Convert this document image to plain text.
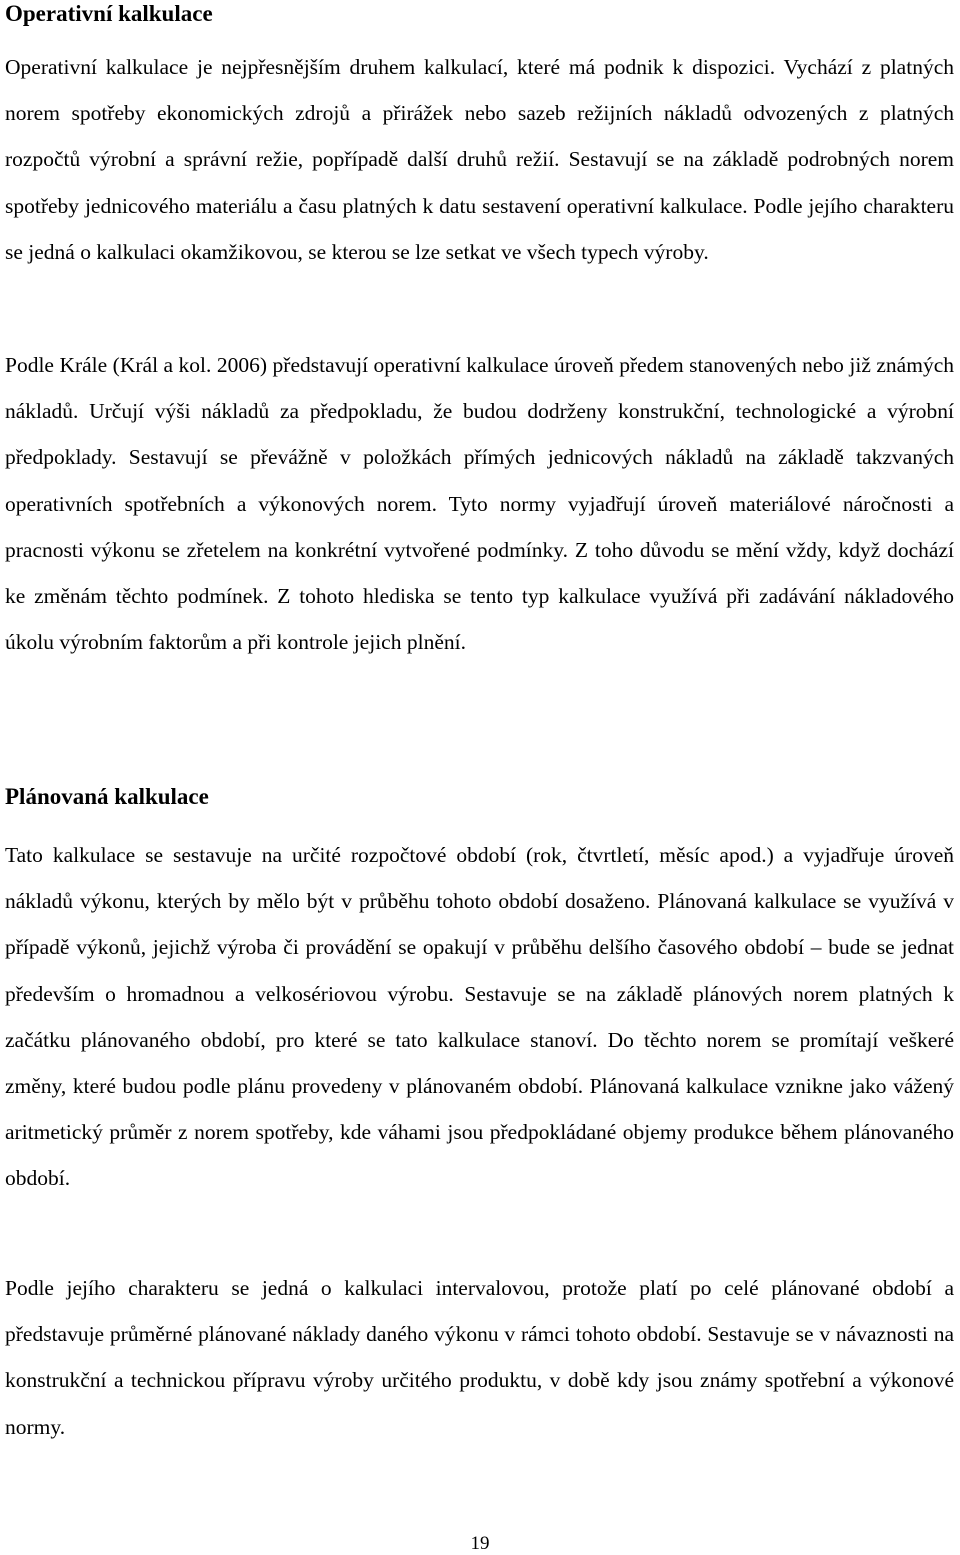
Operativní kalkulace

Operativní kalkulace je nejpřesnějším druhem kalkulací, které má podnik k dispozici. Vychází z platných norem spotřeby ekonomických zdrojů a přirážek nebo sazeb režijních nákladů odvozených z platných rozpočtů výrobní a správní režie, popřípadě další druhů režií. Sestavují se na základě podrobných norem spotřeby jednicového materiálu a času platných k datu sestavení operativní kalkulace. Podle jejího charakteru se jedná o kalkulaci okamžikovou, se kterou se lze setkat ve všech typech výroby.

Podle Krále (Král a kol. 2006) představují operativní kalkulace úroveň předem stanovených nebo již známých nákladů. Určují výši nákladů za předpokladu, že budou dodrženy konstrukční, technologické a výrobní předpoklady. Sestavují se převážně v položkách přímých jednicových nákladů na základě takzvaných operativních spotřebních a výkonových norem. Tyto normy vyjadřují úroveň materiálové náročnosti a pracnosti výkonu se zřetelem na konkrétní vytvořené podmínky. Z toho důvodu se mění vždy, když dochází ke změnám těchto podmínek. Z tohoto hlediska se tento typ kalkulace využívá při zadávání nákladového úkolu výrobním faktorům a při kontrole jejich plnění.

Plánovaná kalkulace

Tato kalkulace se sestavuje na určité rozpočtové období (rok, čtvrtletí, měsíc apod.) a vyjadřuje úroveň nákladů výkonu, kterých by mělo být v průběhu tohoto období dosaženo. Plánovaná kalkulace se využívá v případě výkonů, jejichž výroba či provádění se opakují v průběhu delšího časového období – bude se jednat především o hromadnou a velkosériovou výrobu. Sestavuje se na základě plánových norem platných k začátku plánovaného období, pro které se tato kalkulace stanoví. Do těchto norem se promítají veškeré změny, které budou podle plánu provedeny v plánovaném období. Plánovaná kalkulace vznikne jako vážený aritmetický průměr z norem spotřeby, kde váhami jsou předpokládané objemy produkce během plánovaného období.

Podle jejího charakteru se jedná o kalkulaci intervalovou, protože platí po celé plánované období a představuje průměrné plánované náklady daného výkonu v rámci tohoto období. Sestavuje se v návaznosti na konstrukční a technickou přípravu výroby určitého produktu, v době kdy jsou známy spotřební a výkonové normy.

19
